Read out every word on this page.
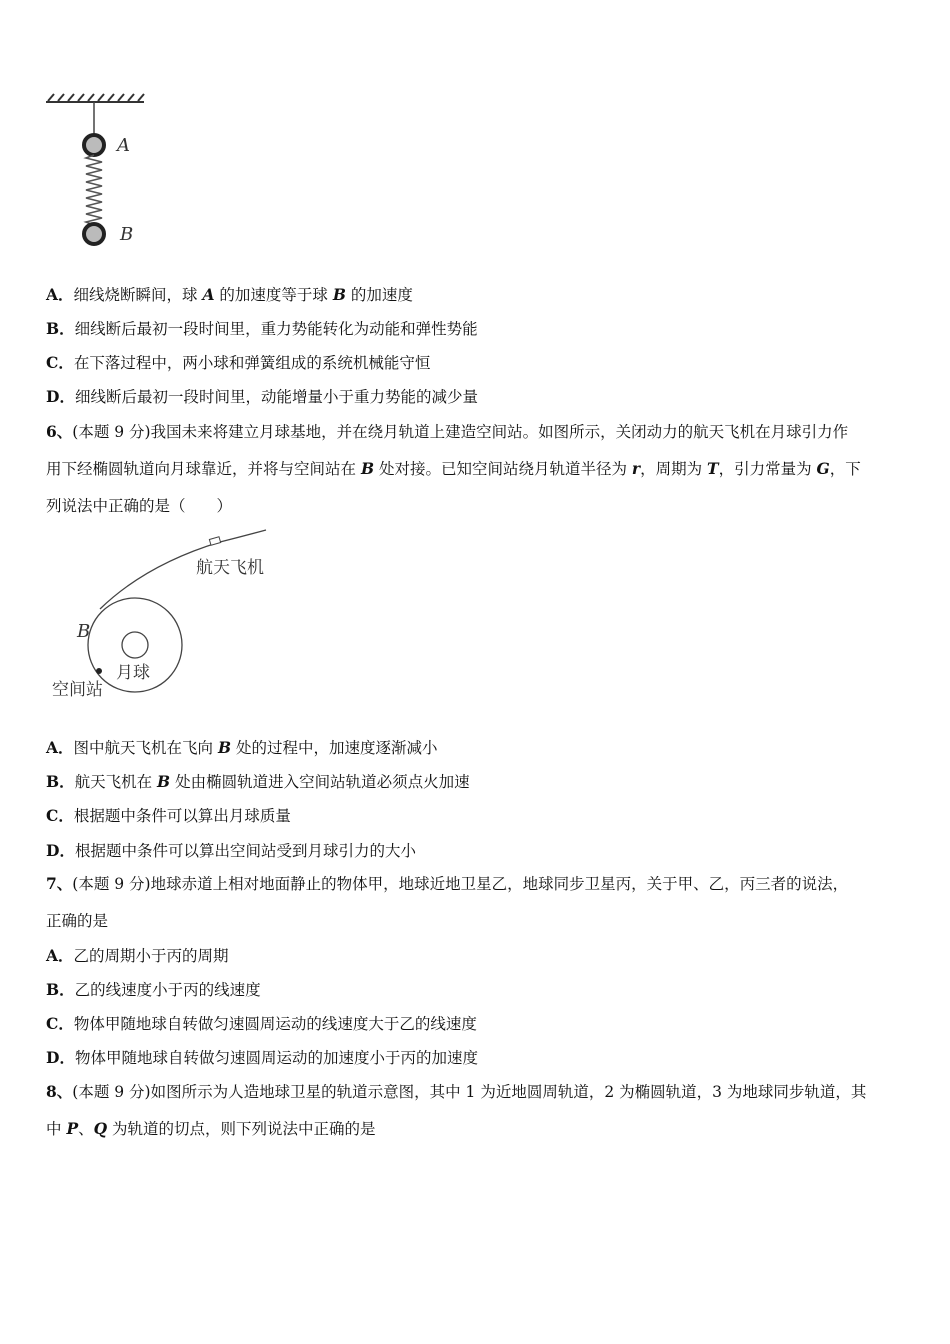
A
B
A．细线烧断瞬间，球 A 的加速度等于球 B 的加速度
B．细线断后最初一段时间里，重力势能转化为动能和弹性势能
C．在下落过程中，两小球和弹簧组成的系统机械能守恒
D．细线断后最初一段时间里，动能增量小于重力势能的减少量
6、(本题 9 分)我国未来将建立月球基地，并在绕月轨道上建造空间站。如图所示，关闭动力的航天飞机在月球引力作
用下经椭圆轨道向月球靠近，并将与空间站在 B 处对接。已知空间站绕月轨道半径为 r，周期为 T，引力常量为 G，下
列说法中正确的是（　　）
航天飞机
B
月球
空间站
A．图中航天飞机在飞向 B 处的过程中，加速度逐渐减小
B．航天飞机在 B 处由椭圆轨道进入空间站轨道必须点火加速
C．根据题中条件可以算出月球质量
D．根据题中条件可以算出空间站受到月球引力的大小
7、(本题 9 分)地球赤道上相对地面静止的物体甲，地球近地卫星乙，地球同步卫星丙，关于甲、乙，丙三者的说法，
正确的是
A．乙的周期小于丙的周期
B．乙的线速度小于丙的线速度
C．物体甲随地球自转做匀速圆周运动的线速度大于乙的线速度
D．物体甲随地球自转做匀速圆周运动的加速度小于丙的加速度
8、(本题 9 分)如图所示为人造地球卫星的轨道示意图，其中 1 为近地圆周轨道，2 为椭圆轨道，3 为地球同步轨道，其
中 P、Q 为轨道的切点，则下列说法中正确的是
